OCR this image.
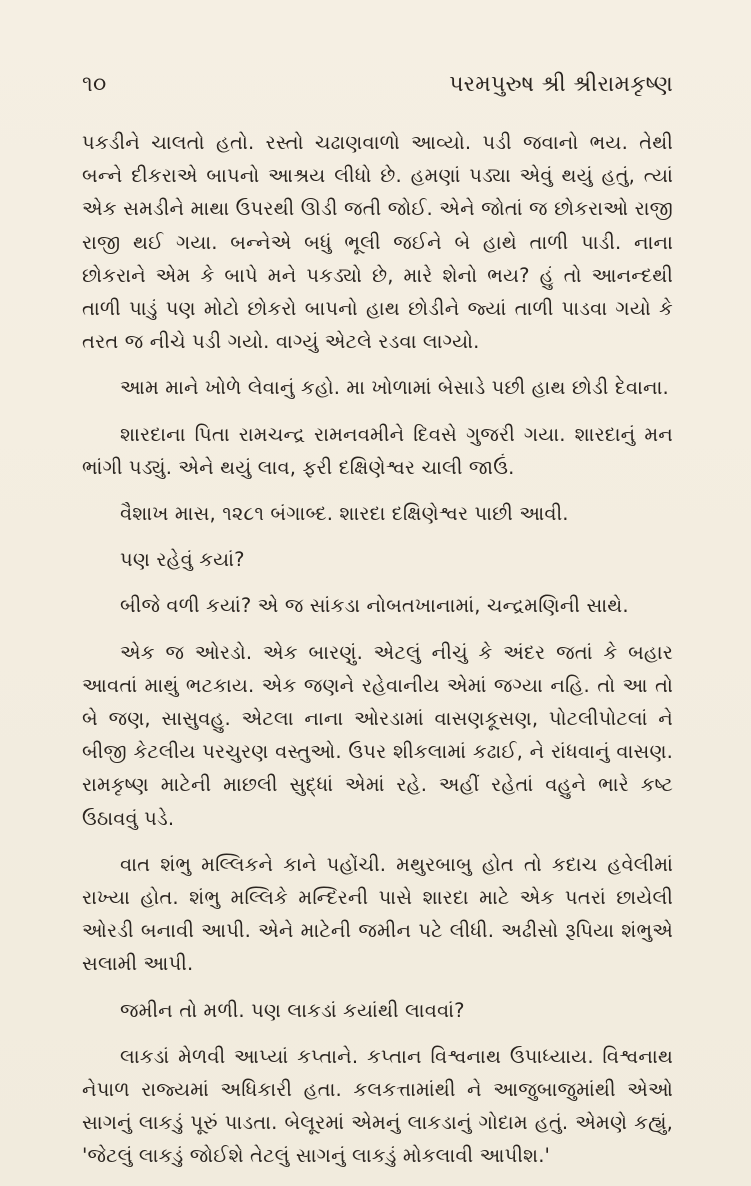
૧૦	પરમપુરુષ શ્રી શ્રીરામકૃષ્ણ

પકડીને ચાલતો હતો. રસ્તો ચઢાણવાળો આવ્યો. પડી જવાનો ભય. તેથી બન્ને દીકરાએ બાપનો આશ્રય લીધો છે. હમણાં પડ્યા એવું થયું હતું, ત્યાં એક સમડીને માથા ઉપરથી ઊડી જતી જોઈ. એને જોતાં જ છોકરાઓ રાજી રાજી થઈ ગયા. બન્નેએ બધું ભૂલી જઈને બે હાથે તાળી પાડી. નાના છોકરાને એમ કે બાપે મને પકડ્યો છે, મારે શેનો ભય? હું તો આનન્દથી તાળી પાડું પણ મોટો છોકરો બાપનો હાથ છોડીને જ્યાં તાળી પાડવા ગયો કે તરત જ નીચે પડી ગયો. વાગ્યું એટલે રડવા લાગ્યો.

આમ માને ખોળે લેવાનું કહો. મા ખોળામાં બેસાડે પછી હાથ છોડી દેવાના.

શારદાના પિતા રામચન્દ્ર રામનવમીને દિવસે ગુજરી ગયા. શારદાનું મન ભાંગી પડ્યું. એને થયું લાવ, ફરી દક્ષિણેશ્વર ચાલી જાઉં.

વૈશાખ માસ, ૧૨૮૧ બંગાબ્દ. શારદા દક્ષિણેશ્વર પાછી આવી.

પણ રહેવું કયાં?

બીજે વળી કયાં? એ જ સાંકડા નોબતખાનામાં, ચન્દ્રમણિની સાથે.

એક જ ઓરડો. એક બારણું. એટલું નીચું કે અંદર જતાં કે બહાર આવતાં માથું ભટકાય. એક જણને રહેવાનીય એમાં જગ્યા નહિ. તો આ તો બે જણ, સાસુવહુ. એટલા નાના ઓરડામાં વાસણકૂસણ, પોટલીપોટલાં ને બીજી કેટલીય પરચુરણ વસ્તુઓ. ઉપર શીકલામાં કઢાઈ, ને રાંધવાનું વાસણ. રામકૃષ્ણ માટેની માછલી સુદ્ધાં એમાં રહે. અહીં રહેતાં વહુને ભારે કષ્ટ ઉઠાવવું પડે.

વાત શંભુ મલ્લિકને કાને પહોંચી. મથુરબાબુ હોત તો કદાચ હવેલીમાં રાખ્યા હોત. શંભુ મલ્લિકે મન્દિરની પાસે શારદા માટે એક પતરાં છાયેલી ઓરડી બનાવી આપી. એને માટેની જમીન પટે લીધી. અઢીસો રૂપિયા શંભુએ સલામી આપી.

જમીન તો મળી. પણ લાકડાં કયાંથી લાવવાં?

લાકડાં મેળવી આપ્યાં કપ્તાને. કપ્તાન વિશ્વનાથ ઉપાધ્યાય. વિશ્વનાથ નેપાળ રાજ્યમાં અધિકારી હતા. કલકત્તામાંથી ને આજુબાજુમાંથી એઓ સાગનું લાકડું પૂરું પાડતા. બેલૂરમાં એમનું લાકડાનું ગોદામ હતું. એમણે કહ્યું, 'જેટલું લાકડું જોઈશે તેટલું સાગનું લાકડું મોકલાવી આપીશ.'
